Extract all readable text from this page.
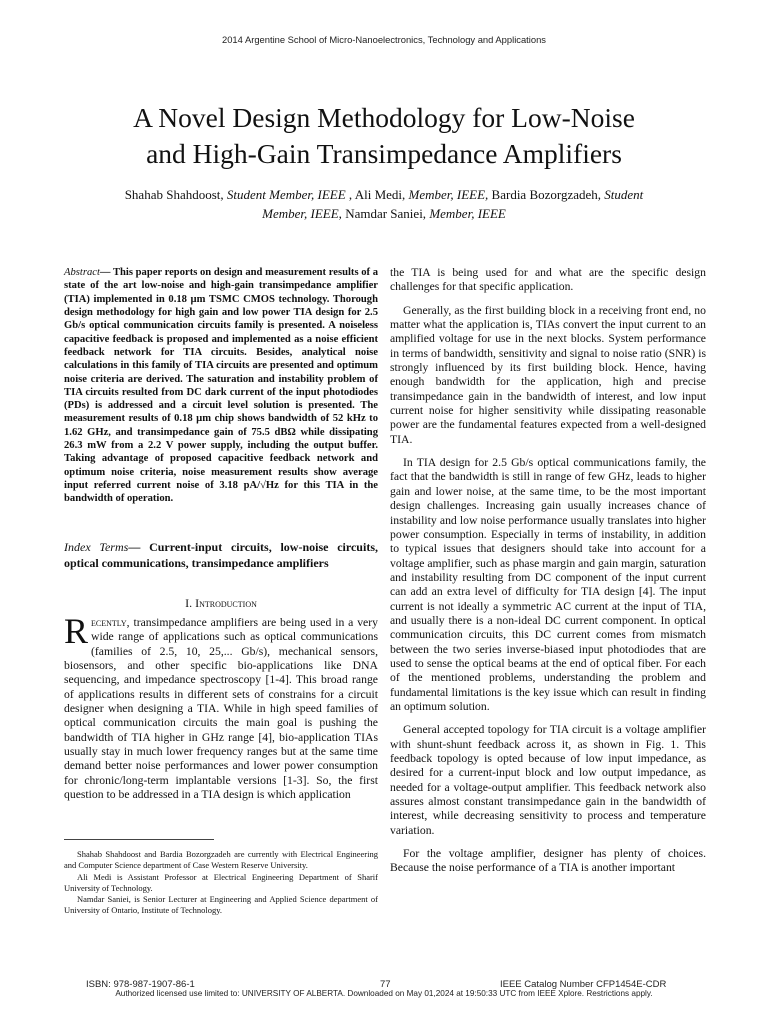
2014 Argentine School of Micro-Nanoelectronics, Technology and Applications
A Novel Design Methodology for Low-Noise
and High-Gain Transimpedance Amplifiers
Shahab Shahdoost, Student Member, IEEE , Ali Medi, Member, IEEE, Bardia Bozorgzadeh, Student
Member, IEEE, Namdar Saniei, Member, IEEE
Abstract— This paper reports on design and measurement results of a state of the art low-noise and high-gain transimpedance amplifier (TIA) implemented in 0.18 µm TSMC CMOS technology. Thorough design methodology for high gain and low power TIA design for 2.5 Gb/s optical communication circuits family is presented. A noiseless capacitive feedback is proposed and implemented as a noise efficient feedback network for TIA circuits. Besides, analytical noise calculations in this family of TIA circuits are presented and optimum noise criteria are derived. The saturation and instability problem of TIA circuits resulted from DC dark current of the input photodiodes (PDs) is addressed and a circuit level solution is presented. The measurement results of 0.18 µm chip shows bandwidth of 52 kHz to 1.62 GHz, and transimpedance gain of 75.5 dBΩ while dissipating 26.3 mW from a 2.2 V power supply, including the output buffer. Taking advantage of proposed capacitive feedback network and optimum noise criteria, noise measurement results show average input referred current noise of 3.18 pA/√Hz for this TIA in the bandwidth of operation.
Index Terms— Current-input circuits, low-noise circuits, optical communications, transimpedance amplifiers
I. Introduction
Recently, transimpedance amplifiers are being used in a very wide range of applications such as optical communications (families of 2.5, 10, 25,... Gb/s), mechanical sensors, biosensors, and other specific bio-applications like DNA sequencing, and impedance spectroscopy [1-4]. This broad range of applications results in different sets of constrains for a circuit designer when designing a TIA. While in high speed families of optical communication circuits the main goal is pushing the bandwidth of TIA higher in GHz range [4], bio-application TIAs usually stay in much lower frequency ranges but at the same time demand better noise performances and lower power consumption for chronic/long-term implantable versions [1-3]. So, the first question to be addressed in a TIA design is which application

Shahab Shahdoost and Bardia Bozorgzadeh are currently with Electrical Engineering and Computer Science department of Case Western Reserve University.

Ali Medi is Assistant Professor at Electrical Engineering Department of Sharif University of Technology.

Namdar Saniei, is Senior Lecturer at Engineering and Applied Science department of University of Ontario, Institute of Technology.

the TIA is being used for and what are the specific design challenges for that specific application.

Generally, as the first building block in a receiving front end, no matter what the application is, TIAs convert the input current to an amplified voltage for use in the next blocks. System performance in terms of bandwidth, sensitivity and signal to noise ratio (SNR) is strongly influenced by its first building block. Hence, having enough bandwidth for the application, high and precise transimpedance gain in the bandwidth of interest, and low input current noise for higher sensitivity while dissipating reasonable power are the fundamental features expected from a well-designed TIA.

In TIA design for 2.5 Gb/s optical communications family, the fact that the bandwidth is still in range of few GHz, leads to higher gain and lower noise, at the same time, to be the most important design challenges. Increasing gain usually increases chance of instability and low noise performance usually translates into higher power consumption. Especially in terms of instability, in addition to typical issues that designers should take into account for a voltage amplifier, such as phase margin and gain margin, saturation and instability resulting from DC component of the input current can add an extra level of difficulty for TIA design [4]. The input current is not ideally a symmetric AC current at the input of TIA, and usually there is a non-ideal DC current component. In optical communication circuits, this DC current comes from mismatch between the two series inverse-biased input photodiodes that are used to sense the optical beams at the end of optical fiber. For each of the mentioned problems, understanding the problem and fundamental limitations is the key issue which can result in finding an optimum solution.

General accepted topology for TIA circuit is a voltage amplifier with shunt-shunt feedback across it, as shown in Fig. 1. This feedback topology is opted because of low input impedance, as desired for a current-input block and low output impedance, as needed for a voltage-output amplifier. This feedback network also assures almost constant transimpedance gain in the bandwidth of interest, while decreasing sensitivity to process and temperature variation.

For the voltage amplifier, designer has plenty of choices. Because the noise performance of a TIA is another important

ISBN: 978-987-1907-86-1	77	IEEE Catalog Number CFP1454E-CDR
Authorized licensed use limited to: UNIVERSITY OF ALBERTA. Downloaded on May 01,2024 at 19:50:33 UTC from IEEE Xplore. Restrictions apply.
